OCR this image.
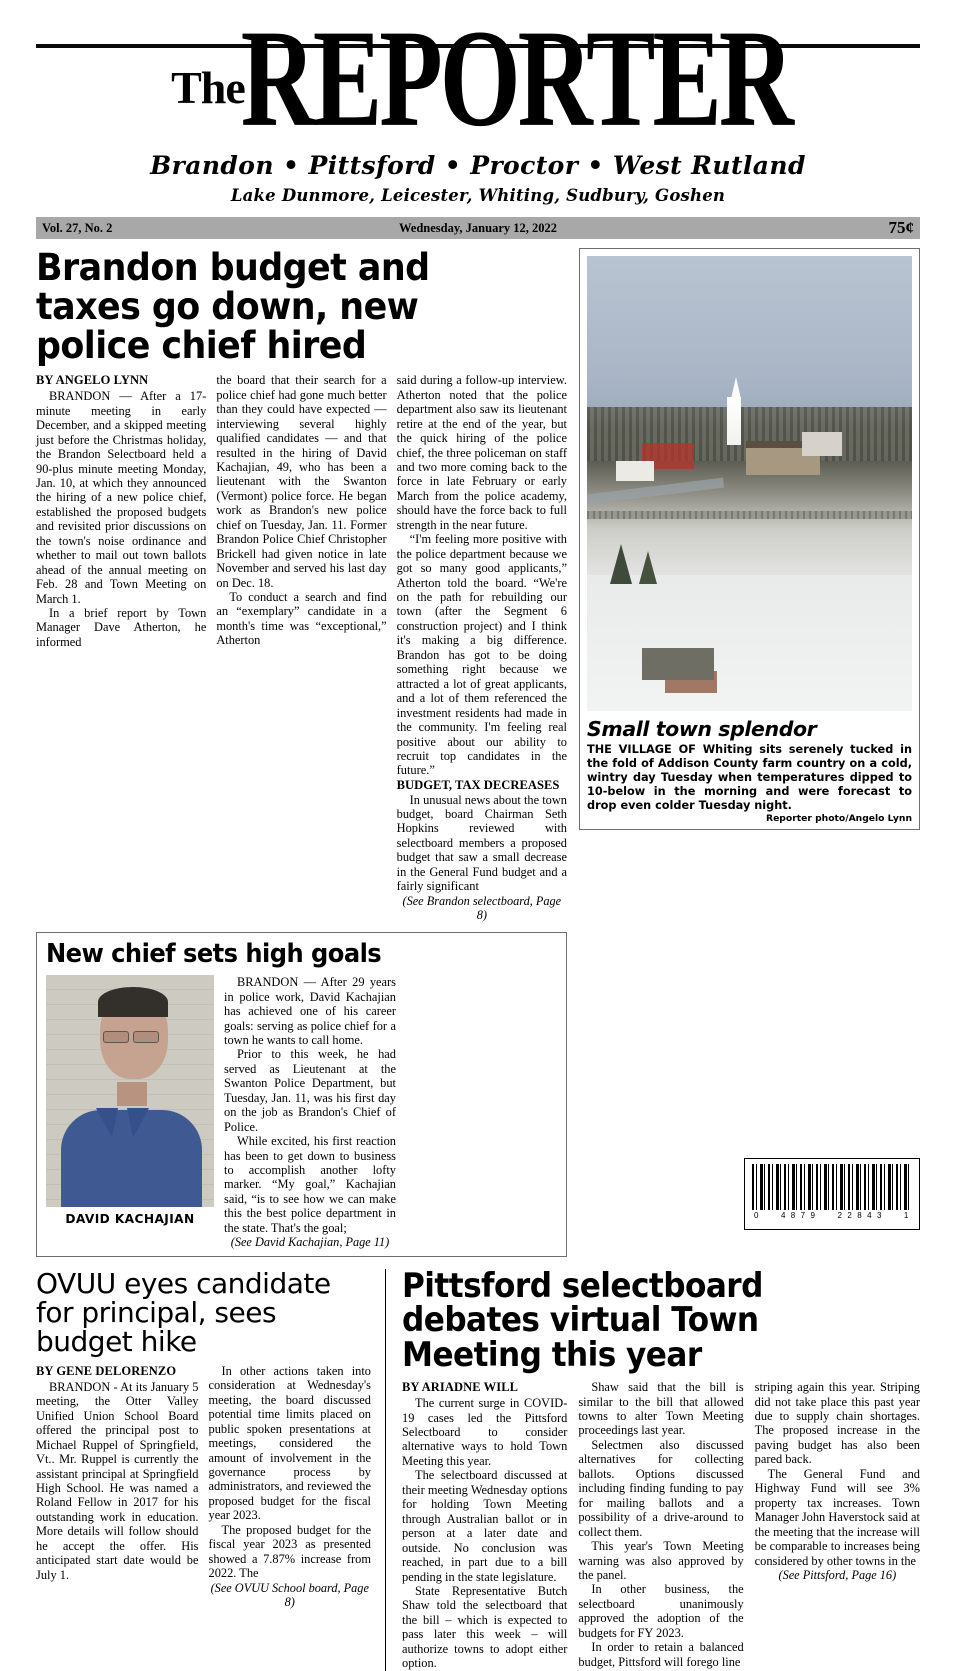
The
REPORTER
Brandon • Pittsford • Proctor • West Rutland
Lake Dunmore, Leicester, Whiting, Sudbury, Goshen
Vol. 27, No. 2	Wednesday, January 12, 2022	75¢
Brandon budget and taxes go down, new police chief hired
BY ANGELO LYNN

BRANDON — After a 17-minute meeting in early December, and a skipped meeting just before the Christmas holiday, the Brandon Selectboard held a 90-plus minute meeting Monday, Jan. 10, at which they announced the hiring of a new police chief, established the proposed budgets and revisited prior discussions on the town's noise ordinance and whether to mail out town ballots ahead of the annual meeting on Feb. 28 and Town Meeting on March 1.

In a brief report by Town Manager Dave Atherton, he informed

the board that their search for a police chief had gone much better than they could have expected — interviewing several highly qualified candidates — and that resulted in the hiring of David Kachajian, 49, who has been a lieutenant with the Swanton (Vermont) police force. He began work as Brandon's new police chief on Tuesday, Jan. 11. Former Brandon Police Chief Christopher Brickell had given notice in late November and served his last day on Dec. 18.

To conduct a search and find an “exemplary” candidate in a month's time was “exceptional,” Atherton

said during a follow-up interview. Atherton noted that the police department also saw its lieutenant retire at the end of the year, but the quick hiring of the police chief, the three policeman on staff and two more coming back to the force in late February or early March from the police academy, should have the force back to full strength in the near future.

“I'm feeling more positive with the police department because we got so many good applicants,” Atherton told the board. “We're on the path for rebuilding our town (after the Segment 6 construction project) and I think it's making a big difference. Brandon has got to be doing something right because we attracted a lot of great applicants, and a lot of them referenced the investment residents had made in the community. I'm feeling real positive about our ability to recruit top candidates in the future.”

BUDGET, TAX DECREASES

In unusual news about the town budget, board Chairman Seth Hopkins reviewed with selectboard members a proposed budget that saw a small decrease in the General Fund budget and a fairly significant

(See Brandon selectboard, Page 8)

New chief sets high goals
DAVID KACHAJIAN

BRANDON — After 29 years in police work, David Kachajian has achieved one of his career goals: serving as police chief for a town he wants to call home.

Prior to this week, he had served as Lieutenant at the Swanton Police Department, but Tuesday, Jan. 11, was his first day on the job as Brandon's Chief of Police.

While excited, his first reaction has been to get down to business to accomplish another lofty marker. “My goal,” Kachajian said, “is to see how we can make this the best police department in the state. That's the goal;

(See David Kachajian, Page 11)

Small town splendor
THE VILLAGE OF Whiting sits serenely tucked in the fold of Addison County farm country on a cold, wintry day Tuesday when temperatures dipped to 10-below in the morning and were forecast to drop even colder Tuesday night.
Reporter photo/Angelo Lynn
OVUU eyes candidate for principal, sees budget hike
BY GENE DELORENZO

BRANDON - At its January 5 meeting, the Otter Valley Unified Union School Board offered the principal post to Michael Ruppel of Springfield, Vt.. Mr. Ruppel is currently the assistant principal at Springfield High School. He was named a Roland Fellow in 2017 for his outstanding work in education. More details will follow should he accept the offer. His anticipated start date would be July 1.

In other actions taken into consideration at Wednesday's meeting, the board discussed potential time limits placed on public spoken presentations at meetings, considered the amount of involvement in the governance process by administrators, and reviewed the proposed budget for the fiscal year 2023.

The proposed budget for the fiscal year 2023 as presented showed a 7.87% increase from 2022. The

(See OVUU School board, Page 8)

Pittsford selectboard debates virtual Town Meeting this year
BY ARIADNE WILL

The current surge in COVID-19 cases led the Pittsford Selectboard to consider alternative ways to hold Town Meeting this year.

The selectboard discussed at their meeting Wednesday options for holding Town Meeting through Australian ballot or in person at a later date and outside. No conclusion was reached, in part due to a bill pending in the state legislature.

State Representative Butch Shaw told the selectboard that the bill – which is expected to pass later this week – will authorize towns to adopt either option.

Shaw said that the bill is similar to the bill that allowed towns to alter Town Meeting proceedings last year.

Selectmen also discussed alternatives for collecting ballots. Options discussed including finding funding to pay for mailing ballots and a possibility of a drive-around to collect them.

This year's Town Meeting warning was also approved by the panel.

In other business, the selectboard unanimously approved the adoption of the budgets for FY 2023.

In order to retain a balanced budget, Pittsford will forego line

striping again this year. Striping did not take place this past year due to supply chain shortages. The proposed increase in the paving budget has also been pared back.

The General Fund and Highway Fund will see 3% property tax increases. Town Manager John Haverstock said at the meeting that the increase will be comparable to increases being considered by other towns in the

(See Pittsford, Page 16)

0	4 8 7 9	2 2 8 4 3	1
